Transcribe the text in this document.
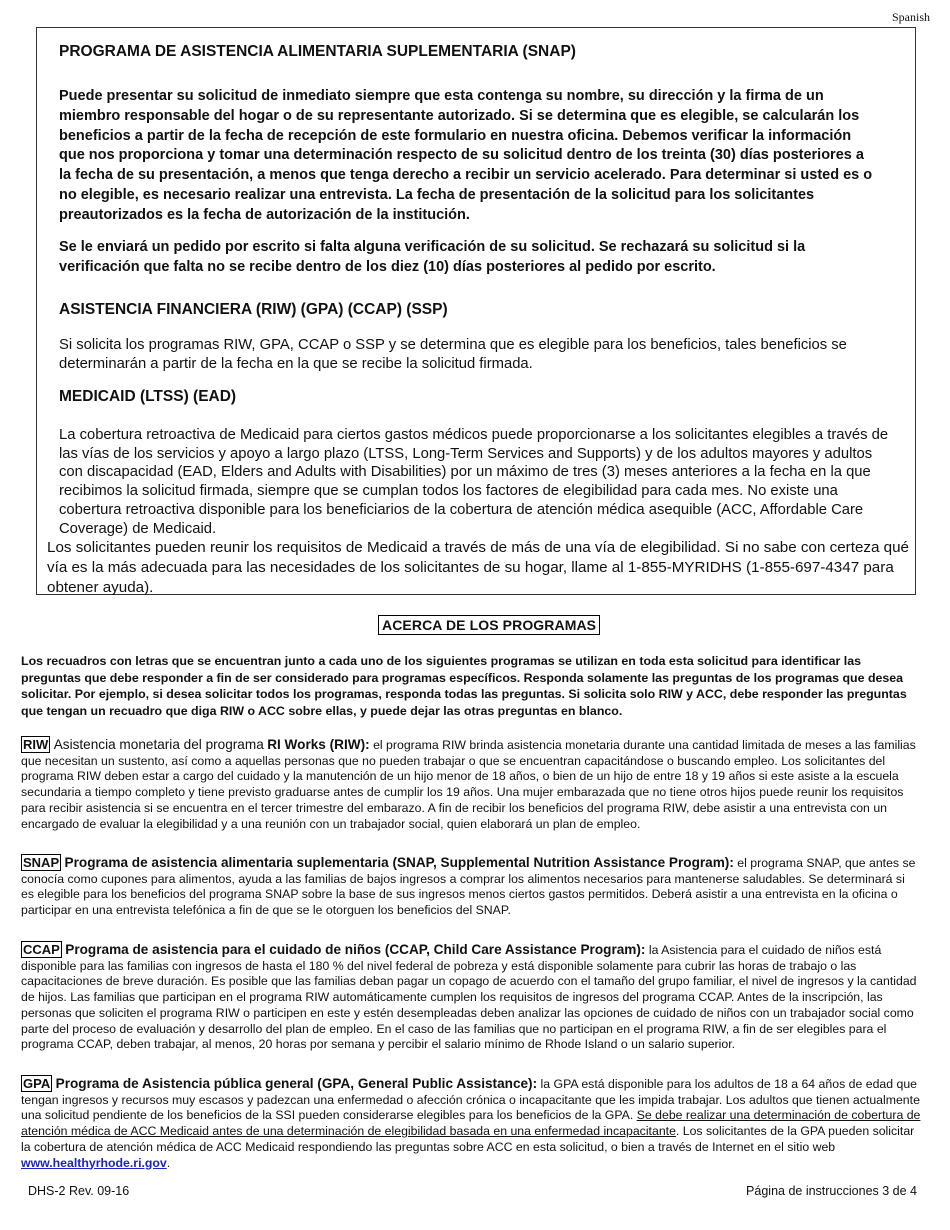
Spanish
PROGRAMA DE ASISTENCIA ALIMENTARIA SUPLEMENTARIA (SNAP)
Puede presentar su solicitud de inmediato siempre que esta contenga su nombre, su dirección y la firma de un miembro responsable del hogar o de su representante autorizado. Si se determina que es elegible, se calcularán los beneficios a partir de la fecha de recepción de este formulario en nuestra oficina. Debemos verificar la información que nos proporciona y tomar una determinación respecto de su solicitud dentro de los treinta (30) días posteriores a la fecha de su presentación, a menos que tenga derecho a recibir un servicio acelerado. Para determinar si usted es o no elegible, es necesario realizar una entrevista. La fecha de presentación de la solicitud para los solicitantes preautorizados es la fecha de autorización de la institución.
Se le enviará un pedido por escrito si falta alguna verificación de su solicitud. Se rechazará su solicitud si la verificación que falta no se recibe dentro de los diez (10) días posteriores al pedido por escrito.
ASISTENCIA FINANCIERA (RIW) (GPA) (CCAP) (SSP)
Si solicita los programas RIW, GPA, CCAP o SSP y se determina que es elegible para los beneficios, tales beneficios se determinarán a partir de la fecha en la que se recibe la solicitud firmada.
MEDICAID (LTSS) (EAD)
La cobertura retroactiva de Medicaid para ciertos gastos médicos puede proporcionarse a los solicitantes elegibles a través de las vías de los servicios y apoyo a largo plazo (LTSS, Long-Term Services and Supports) y de los adultos mayores y adultos con discapacidad (EAD, Elders and Adults with Disabilities) por un máximo de tres (3) meses anteriores a la fecha en la que recibimos la solicitud firmada, siempre que se cumplan todos los factores de elegibilidad para cada mes. No existe una cobertura retroactiva disponible para los beneficiarios de la cobertura de atención médica asequible (ACC, Affordable Care Coverage) de Medicaid.
Los solicitantes pueden reunir los requisitos de Medicaid a través de más de una vía de elegibilidad. Si no sabe con certeza qué vía es la más adecuada para las necesidades de los solicitantes de su hogar, llame al 1-855-MYRIDHS (1-855-697-4347 para obtener ayuda).
ACERCA DE LOS PROGRAMAS
Los recuadros con letras que se encuentran junto a cada uno de los siguientes programas se utilizan en toda esta solicitud para identificar las preguntas que debe responder a fin de ser considerado para programas específicos. Responda solamente las preguntas de los programas que desea solicitar. Por ejemplo, si desea solicitar todos los programas, responda todas las preguntas. Si solicita solo RIW y ACC, debe responder las preguntas que tengan un recuadro que diga RIW o ACC sobre ellas, y puede dejar las otras preguntas en blanco.
RIW Asistencia monetaria del programa RI Works (RIW): el programa RIW brinda asistencia monetaria durante una cantidad limitada de meses a las familias que necesitan un sustento, así como a aquellas personas que no pueden trabajar o que se encuentran capacitándose o buscando empleo. Los solicitantes del programa RIW deben estar a cargo del cuidado y la manutención de un hijo menor de 18 años, o bien de un hijo de entre 18 y 19 años si este asiste a la escuela secundaria a tiempo completo y tiene previsto graduarse antes de cumplir los 19 años. Una mujer embarazada que no tiene otros hijos puede reunir los requisitos para recibir asistencia si se encuentra en el tercer trimestre del embarazo. A fin de recibir los beneficios del programa RIW, debe asistir a una entrevista con un encargado de evaluar la elegibilidad y a una reunión con un trabajador social, quien elaborará un plan de empleo.
SNAP Programa de asistencia alimentaria suplementaria (SNAP, Supplemental Nutrition Assistance Program): el programa SNAP, que antes se conocía como cupones para alimentos, ayuda a las familias de bajos ingresos a comprar los alimentos necesarios para mantenerse saludables. Se determinará si es elegible para los beneficios del programa SNAP sobre la base de sus ingresos menos ciertos gastos permitidos. Deberá asistir a una entrevista en la oficina o participar en una entrevista telefónica a fin de que se le otorguen los beneficios del SNAP.
CCAP Programa de asistencia para el cuidado de niños (CCAP, Child Care Assistance Program): la Asistencia para el cuidado de niños está disponible para las familias con ingresos de hasta el 180 % del nivel federal de pobreza y está disponible solamente para cubrir las horas de trabajo o las capacitaciones de breve duración. Es posible que las familias deban pagar un copago de acuerdo con el tamaño del grupo familiar, el nivel de ingresos y la cantidad de hijos. Las familias que participan en el programa RIW automáticamente cumplen los requisitos de ingresos del programa CCAP. Antes de la inscripción, las personas que soliciten el programa RIW o participen en este y estén desempleadas deben analizar las opciones de cuidado de niños con un trabajador social como parte del proceso de evaluación y desarrollo del plan de empleo. En el caso de las familias que no participan en el programa RIW, a fin de ser elegibles para el programa CCAP, deben trabajar, al menos, 20 horas por semana y percibir el salario mínimo de Rhode Island o un salario superior.
GPA Programa de Asistencia pública general (GPA, General Public Assistance): la GPA está disponible para los adultos de 18 a 64 años de edad que tengan ingresos y recursos muy escasos y padezcan una enfermedad o afección crónica o incapacitante que les impida trabajar. Los adultos que tienen actualmente una solicitud pendiente de los beneficios de la SSI pueden considerarse elegibles para los beneficios de la GPA. Se debe realizar una determinación de cobertura de atención médica de ACC Medicaid antes de una determinación de elegibilidad basada en una enfermedad incapacitante. Los solicitantes de la GPA pueden solicitar la cobertura de atención médica de ACC Medicaid respondiendo las preguntas sobre ACC en esta solicitud, o bien a través de Internet en el sitio web www.healthyrhode.ri.gov.
DHS-2 Rev. 09-16	Página de instrucciones 3 de 4
